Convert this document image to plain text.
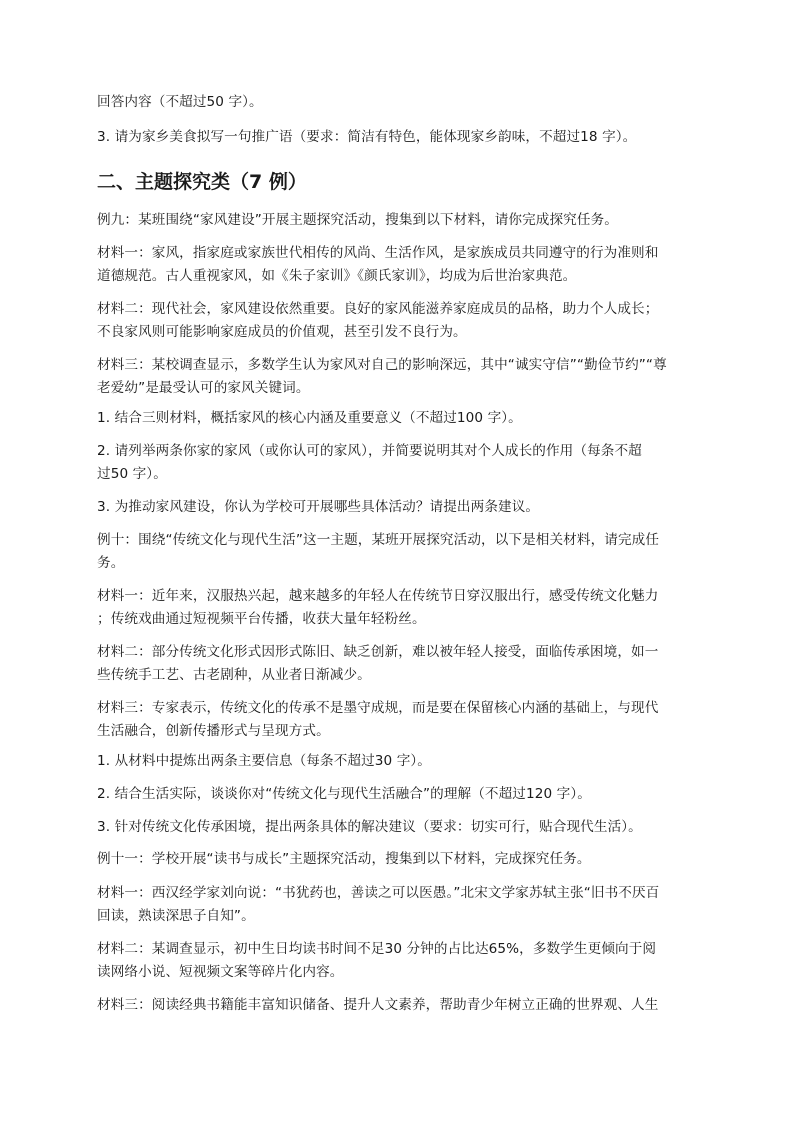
回答内容（不超过50 字）。
3. 请为家乡美食拟写一句推广语（要求：简洁有特色，能体现家乡韵味，不超过18 字）。
二、主题探究类（7 例）
例九：某班围绕“家风建设”开展主题探究活动，搜集到以下材料，请你完成探究任务。
材料一：家风，指家庭或家族世代相传的风尚、生活作风，是家族成员共同遵守的行为准则和
道德规范。古人重视家风，如《朱子家训》《颜氏家训》，均成为后世治家典范。
材料二：现代社会，家风建设依然重要。良好的家风能滋养家庭成员的品格，助力个人成长；
不良家风则可能影响家庭成员的价值观，甚至引发不良行为。
材料三：某校调查显示，多数学生认为家风对自己的影响深远，其中“诚实守信”“勤俭节约”“尊
老爱幼”是最受认可的家风关键词。
1. 结合三则材料，概括家风的核心内涵及重要意义（不超过100 字）。
2. 请列举两条你家的家风（或你认可的家风），并简要说明其对个人成长的作用（每条不超
过50 字）。
3. 为推动家风建设，你认为学校可开展哪些具体活动？请提出两条建议。
例十：围绕“传统文化与现代生活”这一主题，某班开展探究活动，以下是相关材料，请完成任
务。
材料一：近年来，汉服热兴起，越来越多的年轻人在传统节日穿汉服出行，感受传统文化魅力
；传统戏曲通过短视频平台传播，收获大量年轻粉丝。
材料二：部分传统文化形式因形式陈旧、缺乏创新，难以被年轻人接受，面临传承困境，如一
些传统手工艺、古老剧种，从业者日渐减少。
材料三：专家表示，传统文化的传承不是墨守成规，而是要在保留核心内涵的基础上，与现代
生活融合，创新传播形式与呈现方式。
1. 从材料中提炼出两条主要信息（每条不超过30 字）。
2. 结合生活实际，谈谈你对“传统文化与现代生活融合”的理解（不超过120 字）。
3. 针对传统文化传承困境，提出两条具体的解决建议（要求：切实可行，贴合现代生活）。
例十一：学校开展“读书与成长”主题探究活动，搜集到以下材料，完成探究任务。
材料一：西汉经学家刘向说：“书犹药也，善读之可以医愚。”北宋文学家苏轼主张“旧书不厌百
回读，熟读深思子自知”。
材料二：某调查显示，初中生日均读书时间不足30 分钟的占比达65%，多数学生更倾向于阅
读网络小说、短视频文案等碎片化内容。
材料三：阅读经典书籍能丰富知识储备、提升人文素养，帮助青少年树立正确的世界观、人生
